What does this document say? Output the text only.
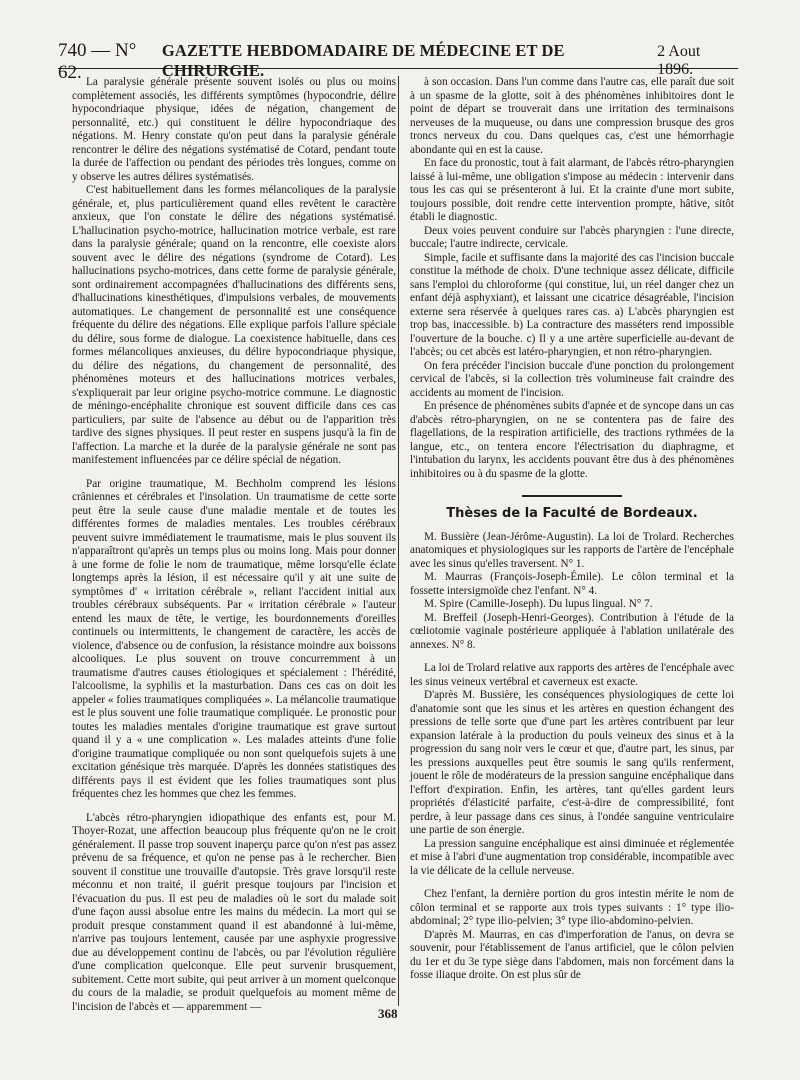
740 — N° 62.
GAZETTE HEBDOMADAIRE DE MÉDECINE ET DE CHIRURGIE.
2 Aout 1896.

La paralysie générale présente souvent isolés ou plus ou moins complètement associés, les différents symptômes (hypocondrie, délire hypocondriaque physique, idées de négation, changement de personnalité, etc.) qui constituent le délire hypocondriaque des négations. M. Henry constate qu'on peut dans la paralysie générale rencontrer le délire des négations systématisé de Cotard, pendant toute la durée de l'affection ou pendant des périodes très longues, comme on y observe les autres délires systématisés.

C'est habituellement dans les formes mélancoliques de la paralysie générale, et, plus particulièrement quand elles revêtent le caractère anxieux, que l'on constate le délire des négations systématisé. L'hallucination psycho-motrice, hallucination motrice verbale, est rare dans la paralysie générale; quand on la rencontre, elle coexiste alors souvent avec le délire des négations (syndrome de Cotard). Les hallucinations psycho-motrices, dans cette forme de paralysie générale, sont ordinairement accompagnées d'hallucinations des différents sens, d'hallucinations kinesthétiques, d'impulsions verbales, de mouvements automatiques. Le changement de personnalité est une conséquence fréquente du délire des négations. Elle explique parfois l'allure spéciale du délire, sous forme de dialogue. La coexistence habituelle, dans ces formes mélancoliques anxieuses, du délire hypocondriaque physique, du délire des négations, du changement de personnalité, des phénomènes moteurs et des hallucinations motrices verbales, s'expliquerait par leur origine psycho-motrice commune. Le diagnostic de méningo-encéphalite chronique est souvent difficile dans ces cas particuliers, par suite de l'absence au début ou de l'apparition très tardive des signes physiques. Il peut rester en suspens jusqu'à la fin de l'affection. La marche et la durée de la paralysie générale ne sont pas manifestement influencées par ce délire spécial de négation.

Par origine traumatique, M. Bechholm comprend les lésions crâniennes et cérébrales et l'insolation. Un traumatisme de cette sorte peut être la seule cause d'une maladie mentale et de toutes les différentes formes de maladies mentales. Les troubles cérébraux peuvent suivre immédiatement le traumatisme, mais le plus souvent ils n'apparaîtront qu'après un temps plus ou moins long. Mais pour donner à une forme de folie le nom de traumatique, même lorsqu'elle éclate longtemps après la lésion, il est nécessaire qu'il y ait une suite de symptômes d' « irritation cérébrale », reliant l'accident initial aux troubles cérébraux subséquents. Par « irritation cérébrale » l'auteur entend les maux de tête, le vertige, les bourdonnements d'oreilles continuels ou intermittents, le changement de caractère, les accès de violence, d'absence ou de confusion, la résistance moindre aux boissons alcooliques. Le plus souvent on trouve concurremment à un traumatisme d'autres causes étiologiques et spécialement : l'hérédité, l'alcoolisme, la syphilis et la masturbation. Dans ces cas on doit les appeler « folies traumatiques compliquées ». La mélancolie traumatique est le plus souvent une folie traumatique compliquée. Le pronostic pour toutes les maladies mentales d'origine traumatique est grave surtout quand il y a « une complication ». Les malades atteints d'une folie d'origine traumatique compliquée ou non sont quelquefois sujets à une excitation génésique très marquée. D'après les données statistiques des différents pays il est évident que les folies traumatiques sont plus fréquentes chez les hommes que chez les femmes.

L'abcès rétro-pharyngien idiopathique des enfants est, pour M. Thoyer-Rozat, une affection beaucoup plus fréquente qu'on ne le croit généralement. Il passe trop souvent inaperçu parce qu'on n'est pas assez prévenu de sa fréquence, et qu'on ne pense pas à le rechercher. Bien souvent il constitue une trouvaille d'autopsie. Très grave lorsqu'il reste méconnu et non traité, il guérit presque toujours par l'incision et l'évacuation du pus. Il est peu de maladies où le sort du malade soit d'une façon aussi absolue entre les mains du médecin. La mort qui se produit presque constamment quand il est abandonné à lui-même, n'arrive pas toujours lentement, causée par une asphyxie progressive due au développement continu de l'abcès, ou par l'évolution régulière d'une complication quelconque. Elle peut survenir brusquement, subitement. Cette mort subite, qui peut arriver à un moment quelconque du cours de la maladie, se produit quelquefois au moment même de l'incision de l'abcès et — apparemment —

à son occasion. Dans l'un comme dans l'autre cas, elle paraît due soit à un spasme de la glotte, soit à des phénomènes inhibitoires dont le point de départ se trouverait dans une irritation des terminaisons nerveuses de la muqueuse, ou dans une compression brusque des gros troncs nerveux du cou. Dans quelques cas, c'est une hémorrhagie abondante qui en est la cause.

En face du pronostic, tout à fait alarmant, de l'abcès rétro-pharyngien laissé à lui-même, une obligation s'impose au médecin : intervenir dans tous les cas qui se présenteront à lui. Et la crainte d'une mort subite, toujours possible, doit rendre cette intervention prompte, hâtive, sitôt établi le diagnostic.

Deux voies peuvent conduire sur l'abcès pharyngien : l'une directe, buccale; l'autre indirecte, cervicale.

Simple, facile et suffisante dans la majorité des cas l'incision buccale constitue la méthode de choix. D'une technique assez délicate, difficile sans l'emploi du chloroforme (qui constitue, lui, un réel danger chez un enfant déjà asphyxiant), et laissant une cicatrice désagréable, l'incision externe sera réservée à quelques rares cas. a) L'abcès pharyngien est trop bas, inaccessible. b) La contracture des masséters rend impossible l'ouverture de la bouche. c) Il y a une artère superficielle au-devant de l'abcès; ou cet abcès est latéro-pharyngien, et non rétro-pharyngien.

On fera précéder l'incision buccale d'une ponction du prolongement cervical de l'abcès, si la collection très volumineuse fait craindre des accidents au moment de l'incision.

En présence de phénomènes subits d'apnée et de syncope dans un cas d'abcès rétro-pharyngien, on ne se contentera pas de faire des flagellations, de la respiration artificielle, des tractions rythmées de la langue, etc., on tentera encore l'électrisation du diaphragme, et l'intubation du larynx, les accidents pouvant être dus à des phénomènes inhibitoires ou à du spasme de la glotte.

Thèses de la Faculté de Bordeaux.

M. Bussière (Jean-Jérôme-Augustin). La loi de Trolard. Recherches anatomiques et physiologiques sur les rapports de l'artère de l'encéphale avec les sinus qu'elles traversent. N° 1.

M. Maurras (François-Joseph-Émile). Le côlon terminal et la fossette intersigmoïde chez l'enfant. N° 4.

M. Spire (Camille-Joseph). Du lupus lingual. N° 7.

M. Breffeil (Joseph-Henri-Georges). Contribution à l'étude de la cœliotomie vaginale postérieure appliquée à l'ablation unilatérale des annexes. N° 8.

La loi de Trolard relative aux rapports des artères de l'encéphale avec les sinus veineux vertébral et caverneux est exacte.

D'après M. Bussière, les conséquences physiologiques de cette loi d'anatomie sont que les sinus et les artères en question échangent des pressions de telle sorte que d'une part les artères contribuent par leur expansion latérale à la production du pouls veineux des sinus et à la progression du sang noir vers le cœur et que, d'autre part, les sinus, par les pressions auxquelles peut être soumis le sang qu'ils renferment, jouent le rôle de modérateurs de la pression sanguine encéphalique dans l'effort d'expiration. Enfin, les artères, tant qu'elles gardent leurs propriétés d'élasticité parfaite, c'est-à-dire de compressibilité, font perdre, à leur passage dans ces sinus, à l'ondée sanguine ventriculaire une partie de son énergie.

La pression sanguine encéphalique est ainsi diminuée et réglementée et mise à l'abri d'une augmentation trop considérable, incompatible avec la vie délicate de la cellule nerveuse.

Chez l'enfant, la dernière portion du gros intestin mérite le nom de côlon terminal et se rapporte aux trois types suivants : 1° type ilio-abdominal; 2° type ilio-pelvien; 3° type ilio-abdomino-pelvien.

D'après M. Maurras, en cas d'imperforation de l'anus, on devra se souvenir, pour l'établissement de l'anus artificiel, que le côlon pelvien du 1er et du 3e type siège dans l'abdomen, mais non forcément dans la fosse iliaque droite. On est plus sûr de

368
